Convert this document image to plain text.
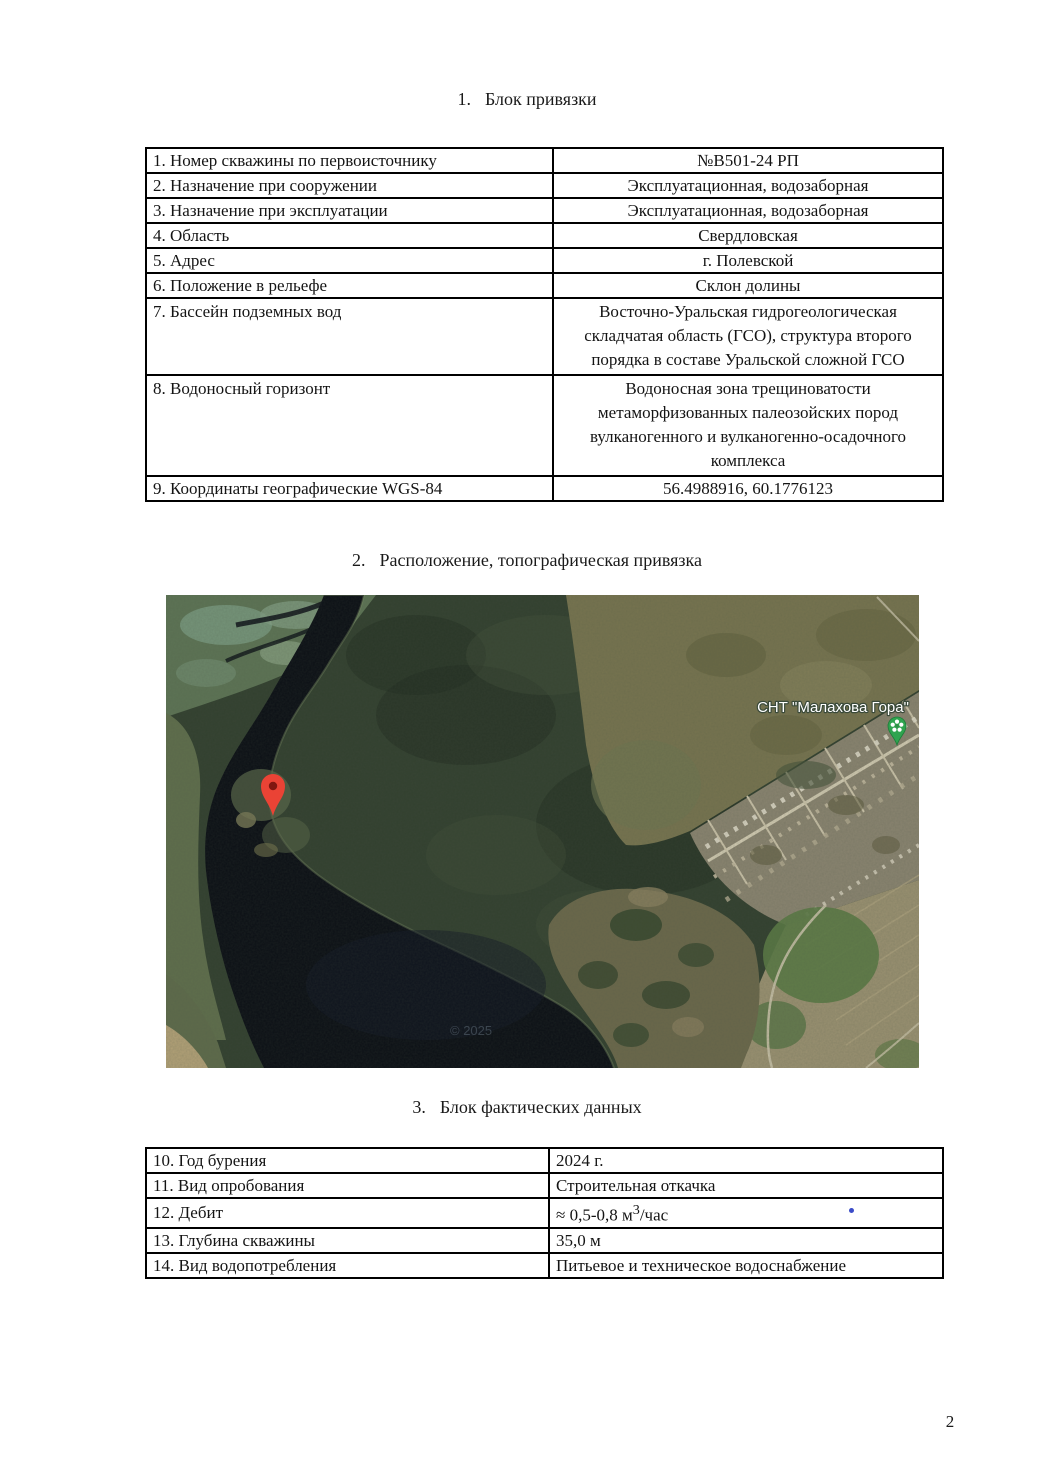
1. Блок привязки
1. Номер скважины по первоисточнику	№В501-24 РП
2. Назначение при сооружении	Эксплуатационная, водозаборная
3. Назначение при эксплуатации	Эксплуатационная, водозаборная
4. Область	Свердловская
5. Адрес	г. Полевской
6. Положение в рельефе	Склон долины
7. Бассейн подземных вод	Восточно-Уральская гидрогеологическая складчатая область (ГСО), структура второго порядка в составе Уральской сложной ГСО
8. Водоносный горизонт	Водоносная зона трещиноватости метаморфизованных палеозойских пород вулканогенного и вулканогенно-осадочного комплекса
9. Координаты географические WGS-84	56.4988916, 60.1776123
2. Расположение, топографическая привязка
© 2025
СНТ "Малахова Гора"
3. Блок фактических данных
10. Год бурения	2024 г.
11. Вид опробования	Строительная откачка
12. Дебит	≈ 0,5-0,8 $м^3$/час
13. Глубина скважины	35,0 м
14. Вид водопотребления	Питьевое и техническое водоснабжение
2
